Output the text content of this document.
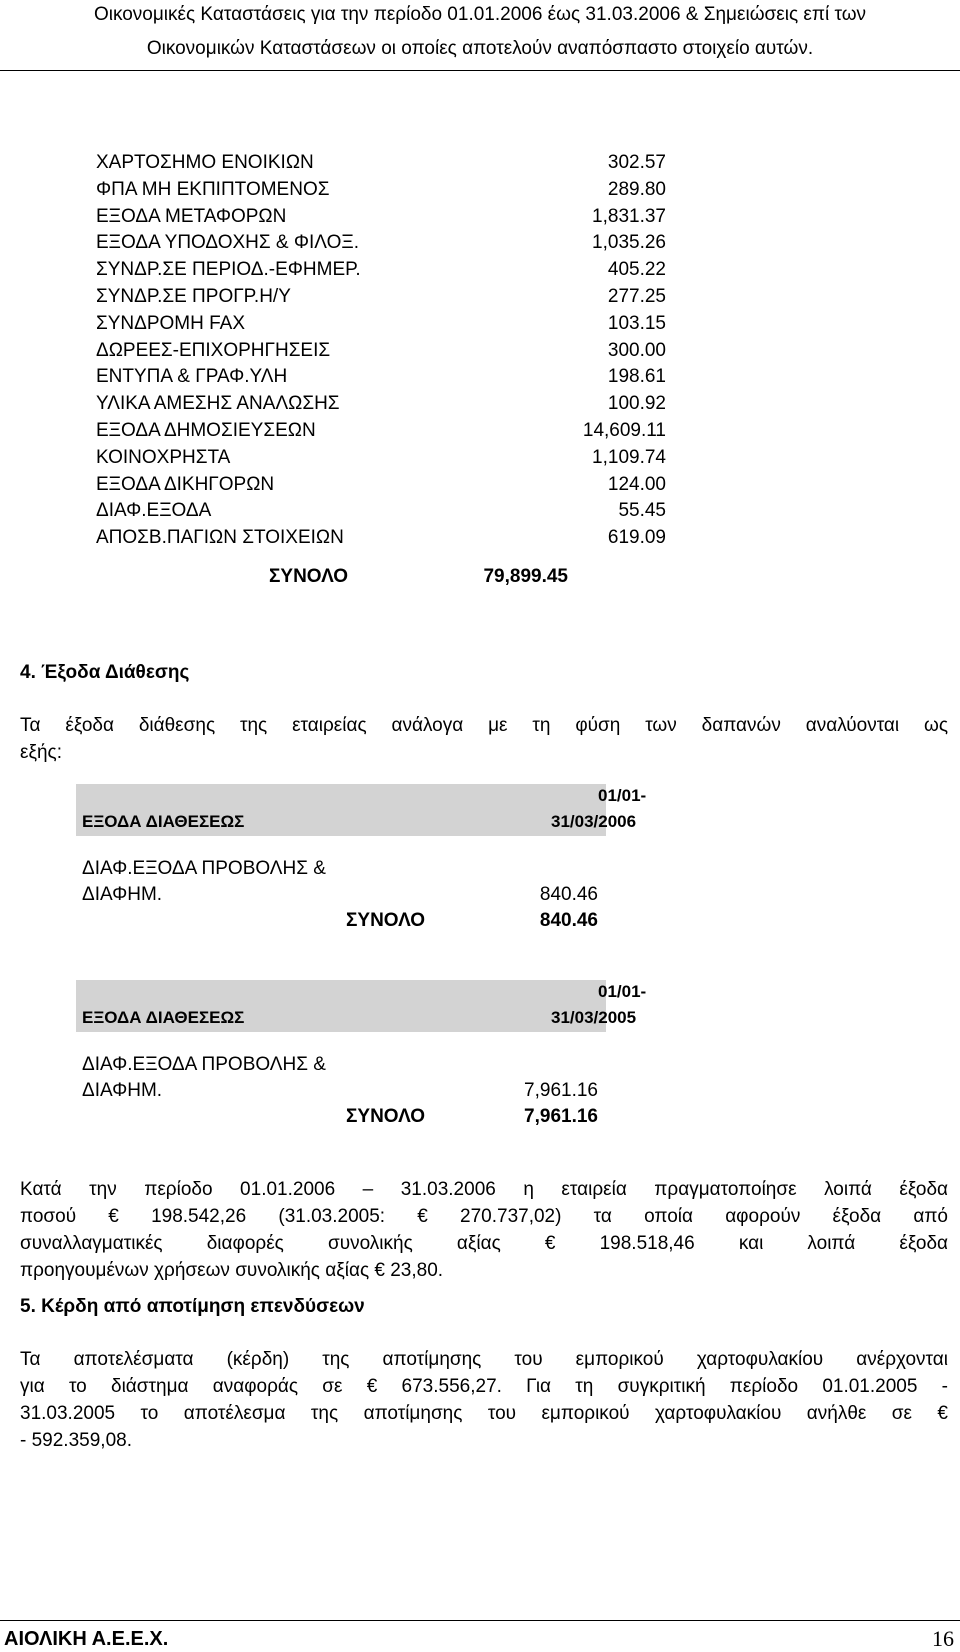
Οικονομικές Καταστάσεις για την περίοδο 01.01.2006 έως 31.03.2006 & Σημειώσεις επί των
Οικονομικών Καταστάσεων οι οποίες αποτελούν αναπόσπαστο στοιχείο αυτών.
ΧΑΡΤΟΣΗΜΟ ΕΝΟΙΚΙΩΝ	302.57
ΦΠΑ ΜΗ ΕΚΠΙΠΤΟΜΕΝΟΣ	289.80
ΕΞΟΔΑ ΜΕΤΑΦΟΡΩΝ	1,831.37
ΕΞΟΔΑ ΥΠΟΔΟΧΗΣ & ΦΙΛΟΞ.	1,035.26
ΣΥΝΔΡ.ΣΕ ΠΕΡΙΟΔ.-ΕΦΗΜΕΡ.	405.22
ΣΥΝΔΡ.ΣΕ ΠΡΟΓΡ.Η/Υ	277.25
ΣΥΝΔΡΟΜΗ FAX	103.15
ΔΩΡΕΕΣ-ΕΠΙΧΟΡΗΓΗΣΕΙΣ	300.00
ΕΝΤΥΠΑ & ΓΡΑΦ.ΥΛΗ	198.61
ΥΛΙΚΑ ΑΜΕΣΗΣ ΑΝΑΛΩΣΗΣ	100.92
ΕΞΟΔΑ ΔΗΜΟΣΙΕΥΣΕΩΝ	14,609.11
ΚΟΙΝΟΧΡΗΣΤΑ	1,109.74
ΕΞΟΔΑ ΔΙΚΗΓΟΡΩΝ	124.00
ΔΙΑΦ.ΕΞΟΔΑ	55.45
ΑΠΟΣΒ.ΠΑΓΙΩΝ ΣΤΟΙΧΕΙΩΝ	619.09
ΣΥΝΟΛΟ	79,899.45
4. Έξοδα Διάθεσης
Τα έξοδα διάθεσης της εταιρείας ανάλογα με τη φύση των δαπανών αναλύονται ως
εξής:
ΕΞΟΔΑ ΔΙΑΘΕΣΕΩΣ
01/01-
31/03/2006
ΔΙΑΦ.ΕΞΟΔΑ ΠΡΟΒΟΛΗΣ &
ΔΙΑΦΗΜ.	840.46
ΣΥΝΟΛΟ	840.46
ΕΞΟΔΑ ΔΙΑΘΕΣΕΩΣ
01/01-
31/03/2005
ΔΙΑΦ.ΕΞΟΔΑ ΠΡΟΒΟΛΗΣ &
ΔΙΑΦΗΜ.	7,961.16
ΣΥΝΟΛΟ	7,961.16
Κατά την περίοδο 01.01.2006 – 31.03.2006 η εταιρεία πραγματοποίησε λοιπά έξοδα
ποσού € 198.542,26 (31.03.2005: € 270.737,02) τα οποία αφορούν έξοδα από
συναλλαγματικές διαφορές συνολικής αξίας € 198.518,46 και λοιπά έξοδα
προηγουμένων χρήσεων συνολικής αξίας € 23,80.
5. Κέρδη από αποτίμηση επενδύσεων
Τα αποτελέσματα (κέρδη) της αποτίμησης του εμπορικού χαρτοφυλακίου ανέρχονται
για το διάστημα αναφοράς σε € 673.556,27. Για τη συγκριτική περίοδο 01.01.2005 -
31.03.2005 το αποτέλεσμα της αποτίμησης του εμπορικού χαρτοφυλακίου ανήλθε σε €
- 592.359,08.
ΑΙΟΛΙΚΗ Α.Ε.Ε.Χ.	16
